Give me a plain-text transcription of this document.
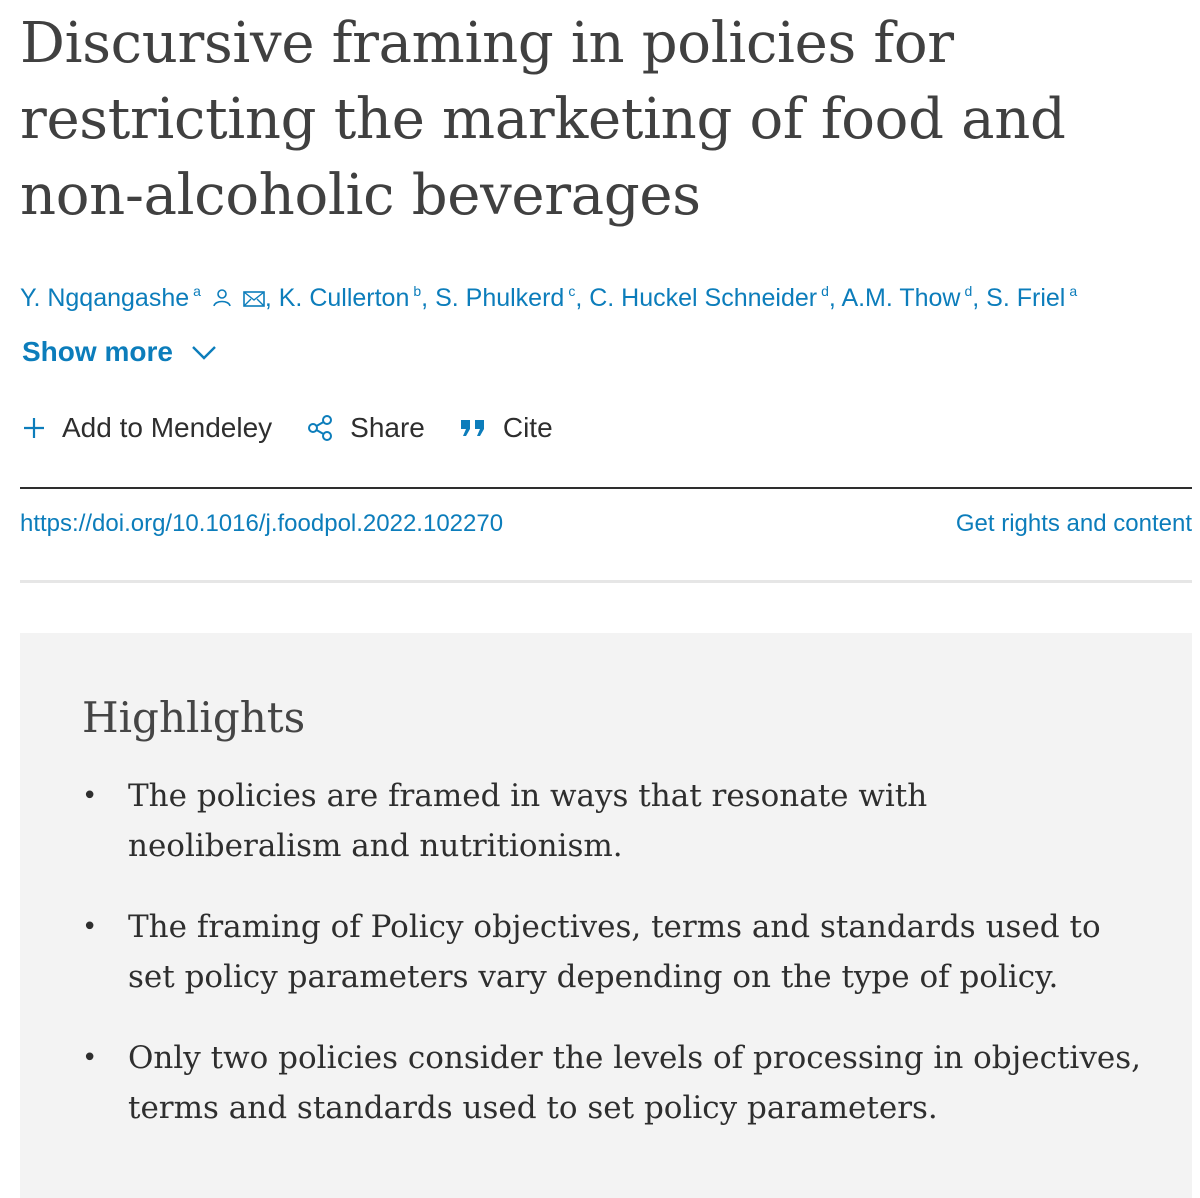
Discursive framing in policies for restricting the marketing of food and non-alcoholic beverages
Y. Ngqangashe $^a$	, K. Cullerton $^b$, S. Phulkerd $^c$, C. Huckel Schneider $^d$, A.M. Thow $^d$, S. Friel $^a$
Show more
Add to Mendeley	Share	Cite
https://doi.org/10.1016/j.foodpol.2022.102270	Get rights and content
Highlights
• The policies are framed in ways that resonate with neoliberalism and nutritionism.
• The framing of Policy objectives, terms and standards used to set policy parameters vary depending on the type of policy.
• Only two policies consider the levels of processing in objectives, terms and standards used to set policy parameters.
